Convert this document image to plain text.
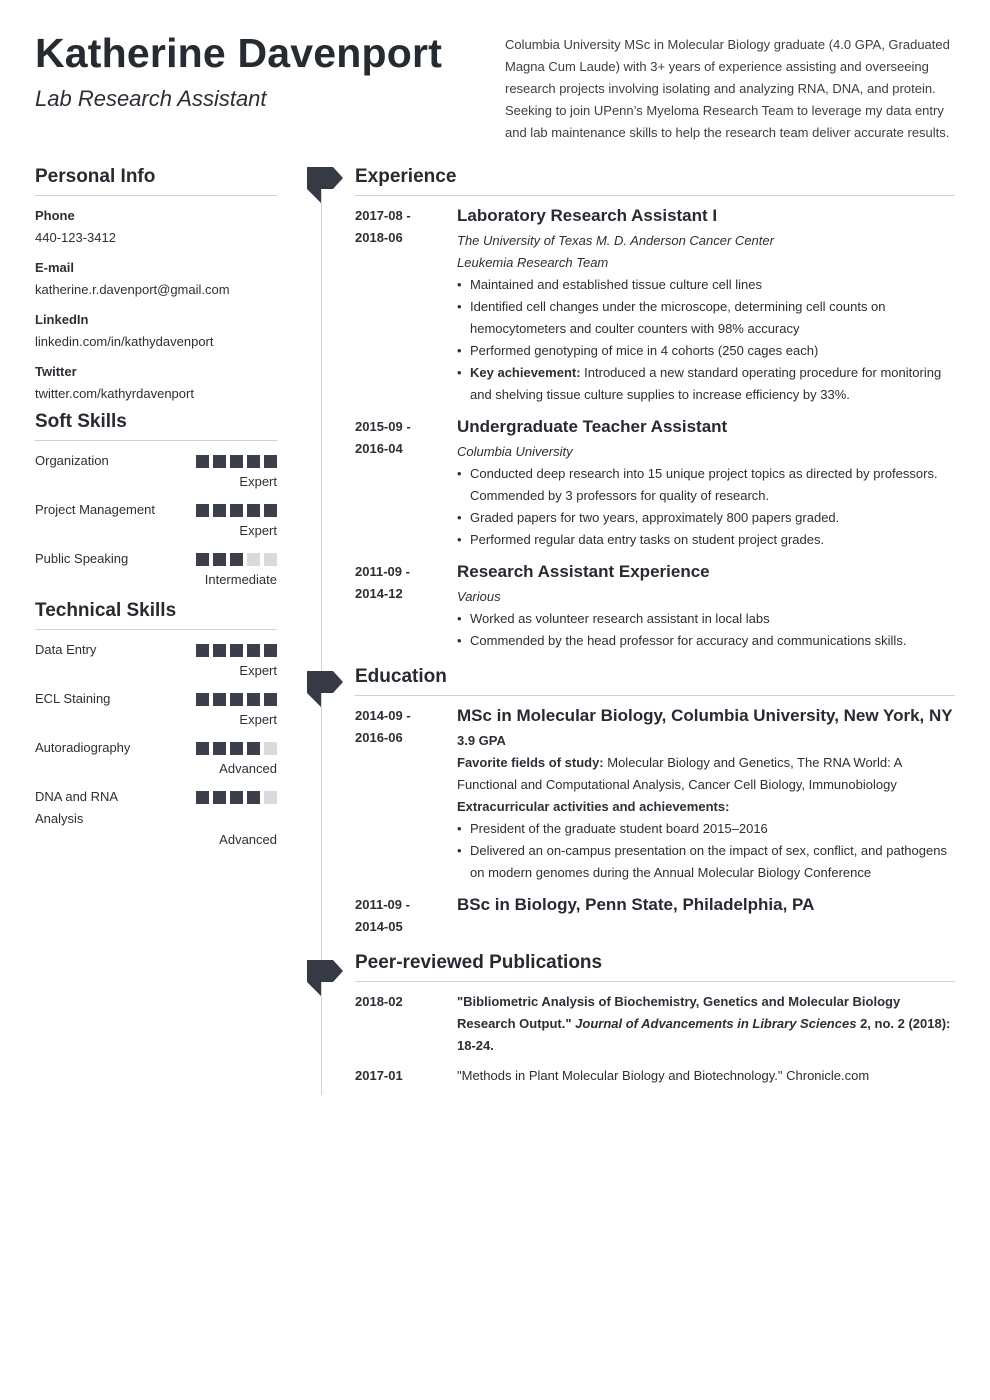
Katherine Davenport
Lab Research Assistant
Columbia University MSc in Molecular Biology graduate (4.0 GPA, Graduated Magna Cum Laude) with 3+ years of experience assisting and overseeing research projects involving isolating and analyzing RNA, DNA, and protein. Seeking to join UPenn’s Myeloma Research Team to leverage my data entry and lab maintenance skills to help the research team deliver accurate results.
Personal Info
Phone
440-123-3412
E-mail
katherine.r.davenport@gmail.com
LinkedIn
linkedin.com/in/kathydavenport
Twitter
twitter.com/kathyrdavenport
Soft Skills
Organization
Expert
Project Management
Expert
Public Speaking
Intermediate
Technical Skills
Data Entry
Expert
ECL Staining
Expert
Autoradiography
Advanced
DNA and RNA Analysis
Advanced
Experience
2017-08 -
2018-06
Laboratory Research Assistant I
The University of Texas M. D. Anderson Cancer Center
Leukemia Research Team
• Maintained and established tissue culture cell lines
• Identified cell changes under the microscope, determining cell counts on hemocytometers and coulter counters with 98% accuracy
• Performed genotyping of mice in 4 cohorts (250 cages each)
• Key achievement: Introduced a new standard operating procedure for monitoring and shelving tissue culture supplies to increase efficiency by 33%.
2015-09 -
2016-04
Undergraduate Teacher Assistant
Columbia University
• Conducted deep research into 15 unique project topics as directed by professors. Commended by 3 professors for quality of research.
• Graded papers for two years, approximately 800 papers graded.
• Performed regular data entry tasks on student project grades.
2011-09 -
2014-12
Research Assistant Experience
Various
• Worked as volunteer research assistant in local labs
• Commended by the head professor for accuracy and communications skills.
Education
2014-09 -
2016-06
MSc in Molecular Biology, Columbia University, New York, NY
3.9 GPA
Favorite fields of study: Molecular Biology and Genetics, The RNA World: A Functional and Computational Analysis, Cancer Cell Biology, Immunobiology
Extracurricular activities and achievements:
• President of the graduate student board 2015–2016
• Delivered an on-campus presentation on the impact of sex, conflict, and pathogens on modern genomes during the Annual Molecular Biology Conference
2011-09 -
2014-05
BSc in Biology, Penn State, Philadelphia, PA
Peer-reviewed Publications
2018-02	"Bibliometric Analysis of Biochemistry, Genetics and Molecular Biology Research Output." Journal of Advancements in Library Sciences 2, no. 2 (2018): 18-24.
2017-01	"Methods in Plant Molecular Biology and Biotechnology." Chronicle.com
